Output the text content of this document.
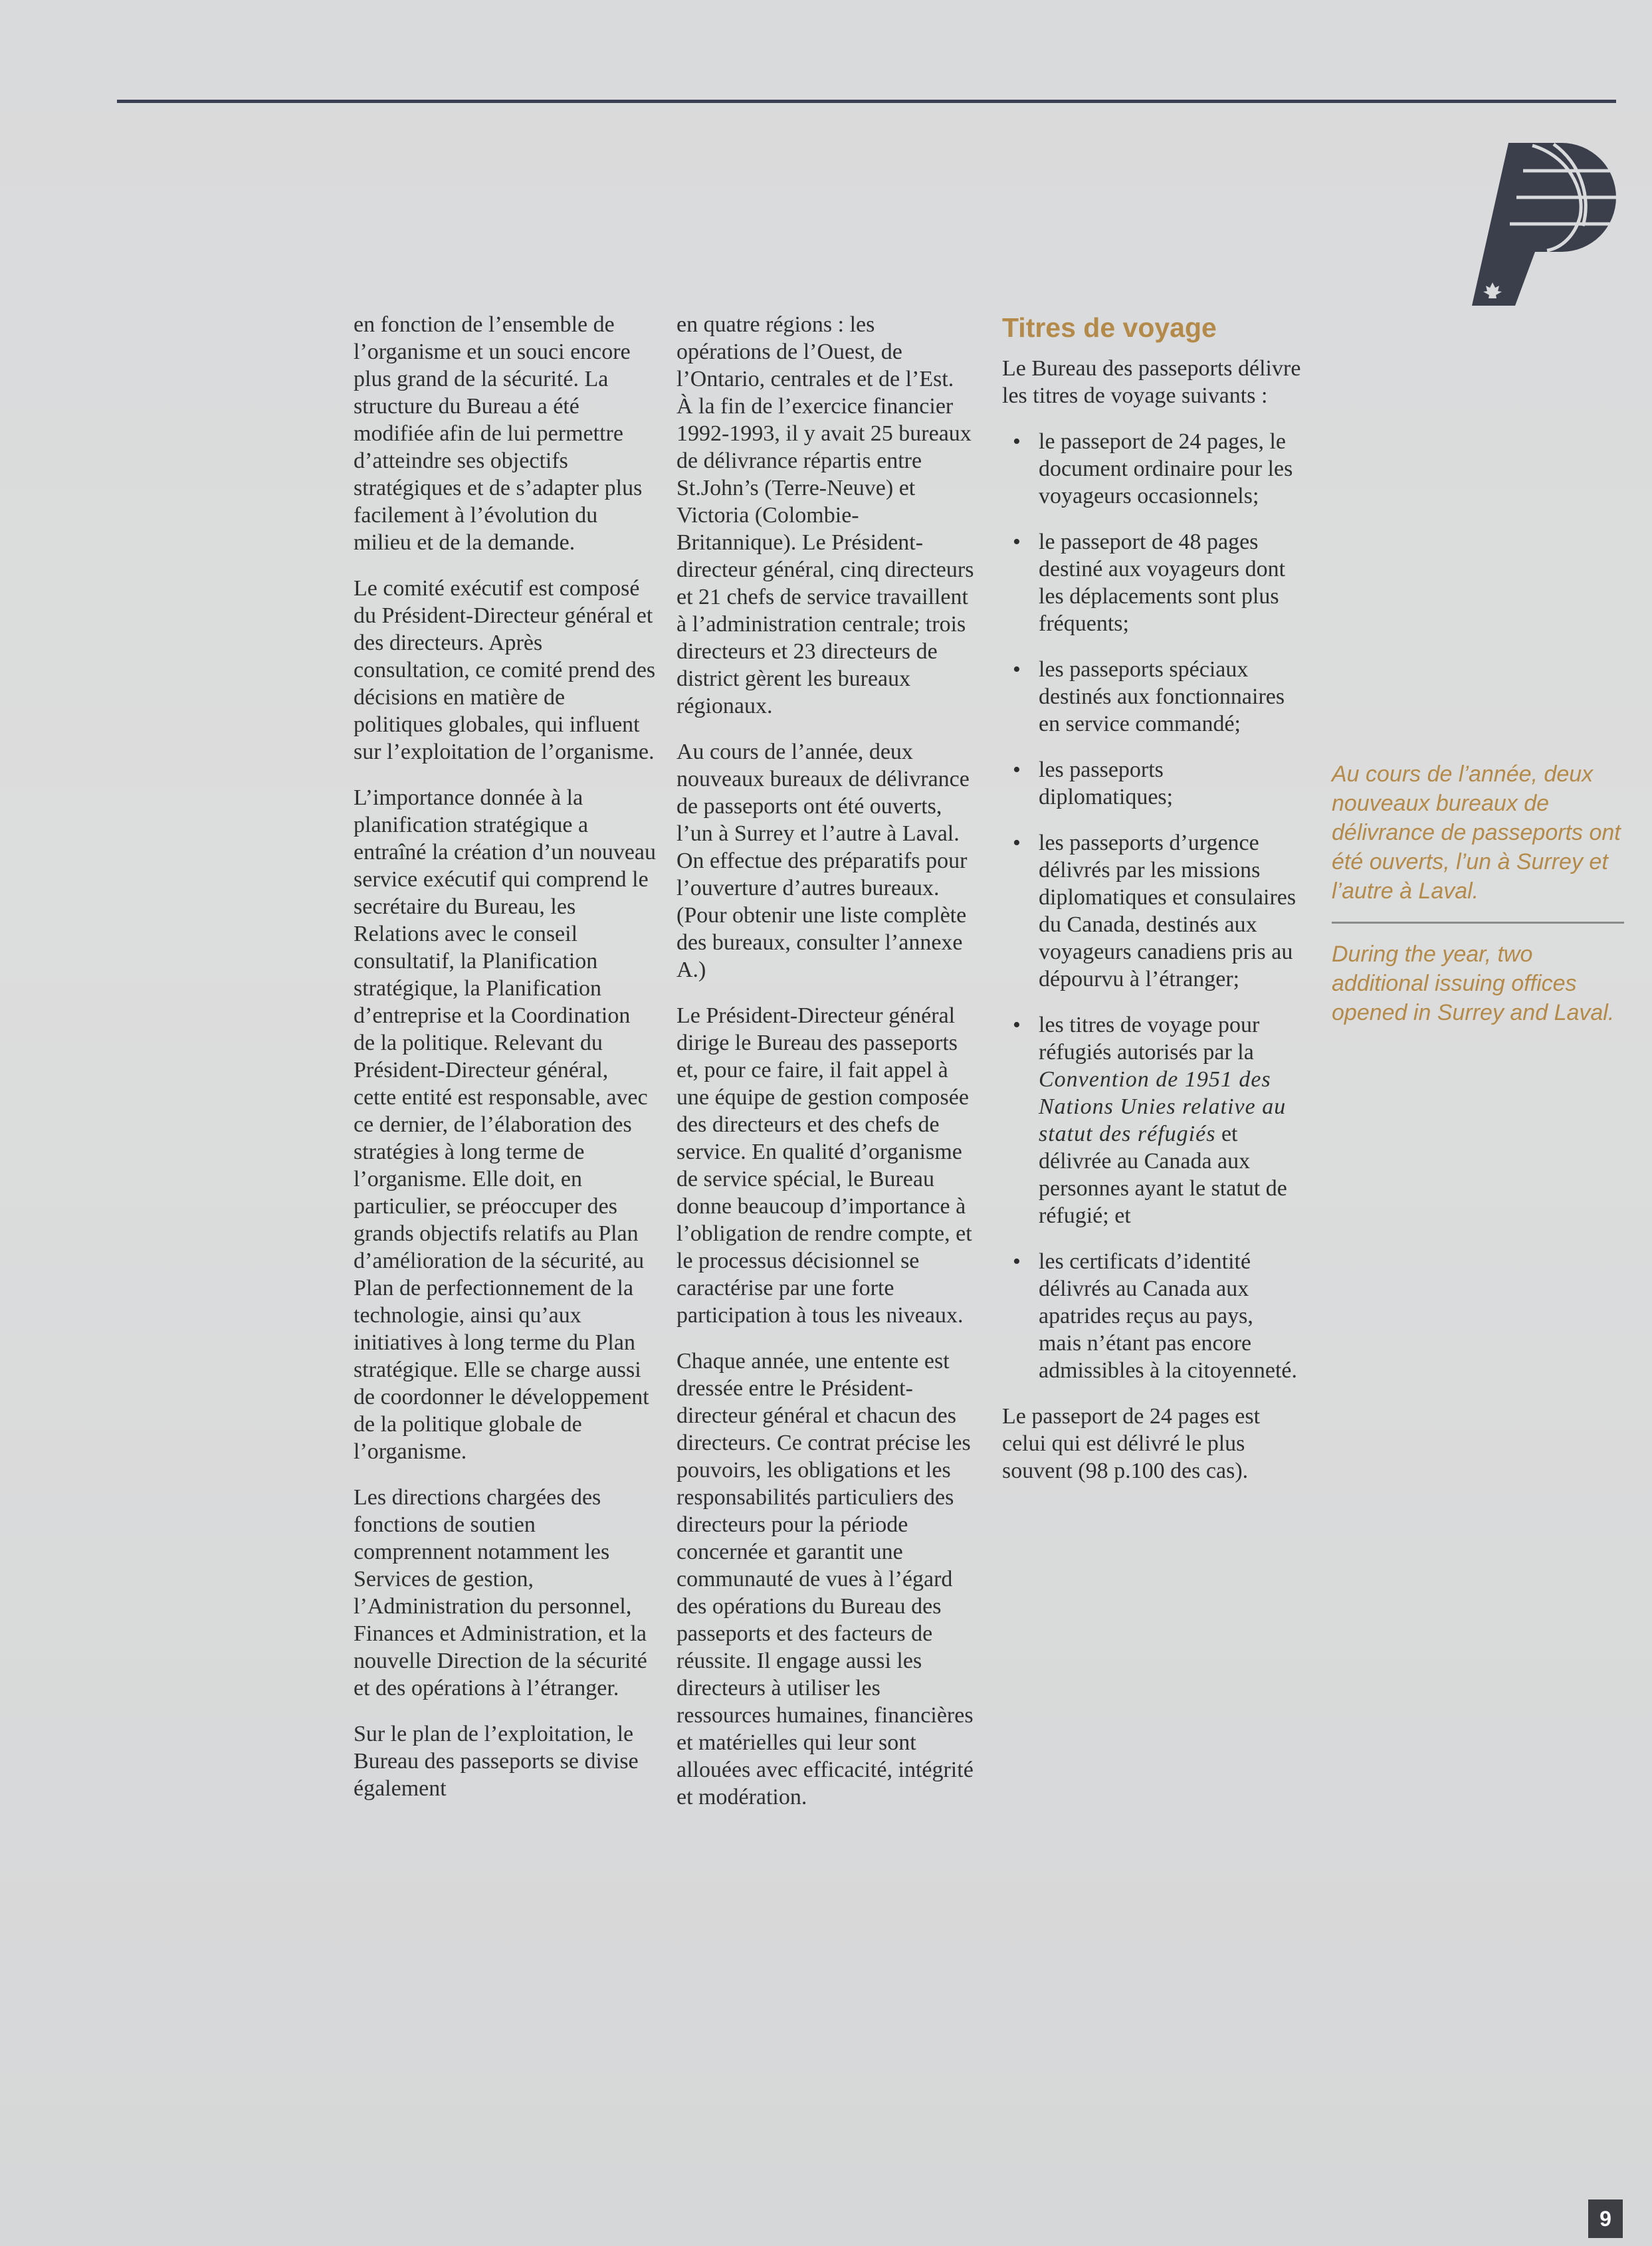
en fonction de l’ensemble de l’organisme et un souci encore plus grand de la sécurité. La structure du Bureau a été modifiée afin de lui permettre d’atteindre ses objectifs stratégiques et de s’adapter plus facilement à l’évolution du milieu et de la demande.

Le comité exécutif est composé du Président-Directeur général et des directeurs. Après consultation, ce comité prend des décisions en matière de politiques globales, qui influent sur l’exploitation de l’organisme.

L’importance donnée à la planification stratégique a entraîné la création d’un nouveau service exécutif qui comprend le secrétaire du Bureau, les Relations avec le conseil consultatif, la Planification stratégique, la Planification d’entreprise et la Coordination de la politique. Relevant du Président-Directeur général, cette entité est responsable, avec ce dernier, de l’élaboration des stratégies à long terme de l’organisme. Elle doit, en particulier, se préoccuper des grands objectifs relatifs au Plan d’amélioration de la sécurité, au Plan de perfectionnement de la technologie, ainsi qu’aux initiatives à long terme du Plan stratégique. Elle se charge aussi de coordonner le développement de la politique globale de l’organisme.

Les directions chargées des fonctions de soutien comprennent notamment les Services de gestion, l’Administration du personnel, Finances et Administration, et la nouvelle Direction de la sécurité et des opérations à l’étranger.

Sur le plan de l’exploitation, le Bureau des passeports se divise également

en quatre régions : les opérations de l’Ouest, de l’Ontario, centrales et de l’Est. À la fin de l’exercice financier 1992-1993, il y avait 25 bureaux de délivrance répartis entre St.John’s (Terre-Neuve) et Victoria (Colombie-Britannique). Le Président-directeur général, cinq directeurs et 21 chefs de service travaillent à l’administration centrale; trois directeurs et 23 directeurs de district gèrent les bureaux régionaux.

Au cours de l’année, deux nouveaux bureaux de délivrance de passeports ont été ouverts, l’un à Surrey et l’autre à Laval. On effectue des préparatifs pour l’ouverture d’autres bureaux. (Pour obtenir une liste complète des bureaux, consulter l’annexe A.)

Le Président-Directeur général dirige le Bureau des passeports et, pour ce faire, il fait appel à une équipe de gestion composée des directeurs et des chefs de service. En qualité d’organisme de service spécial, le Bureau donne beaucoup d’importance à l’obligation de rendre compte, et le processus décisionnel se caractérise par une forte participation à tous les niveaux.

Chaque année, une entente est dressée entre le Président-directeur général et chacun des directeurs. Ce contrat précise les pouvoirs, les obligations et les responsabilités particuliers des directeurs pour la période concernée et garantit une communauté de vues à l’égard des opérations du Bureau des passeports et des facteurs de réussite. Il engage aussi les directeurs à utiliser les ressources humaines, financières et matérielles qui leur sont allouées avec efficacité, intégrité et modération.

Titres de voyage

Le Bureau des passeports délivre les titres de voyage suivants :

• le passeport de 24 pages, le document ordinaire pour les voyageurs occasionnels;
• le passeport de 48 pages destiné aux voyageurs dont les déplacements sont plus fréquents;
• les passeports spéciaux destinés aux fonctionnaires en service commandé;
• les passeports diplomatiques;
• les passeports d’urgence délivrés par les missions diplomatiques et consulaires du Canada, destinés aux voyageurs canadiens pris au dépourvu à l’étranger;
• les titres de voyage pour réfugiés autorisés par la Convention de 1951 des Nations Unies relative au statut des réfugiés et délivrée au Canada aux personnes ayant le statut de réfugié; et
• les certificats d’identité délivrés au Canada aux apatrides reçus au pays, mais n’étant pas encore admissibles à la citoyenneté.

Le passeport de 24 pages est celui qui est délivré le plus souvent (98 p.100 des cas).

Au cours de l’année, deux nouveaux bureaux de délivrance de passeports ont été ouverts, l’un à Surrey et l’autre à Laval.

During the year, two additional issuing offices opened in Surrey and Laval.

9
